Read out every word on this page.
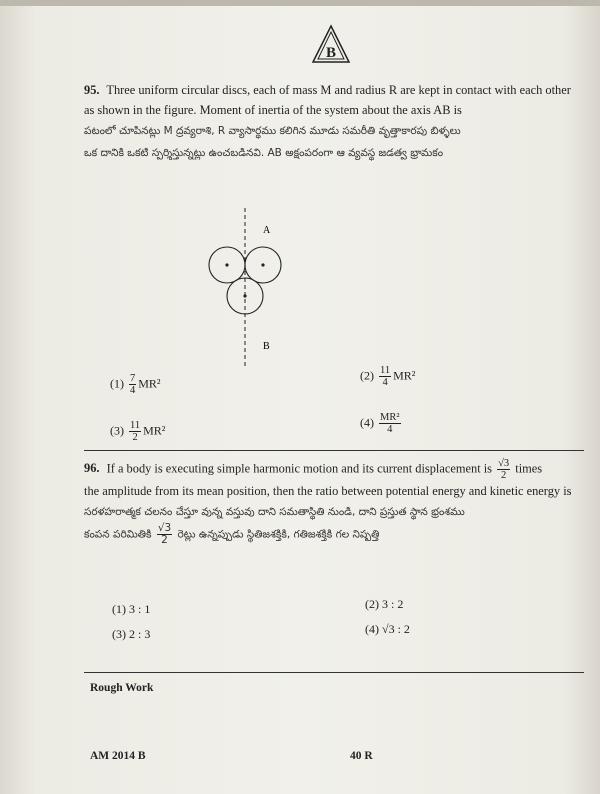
B
95. Three uniform circular discs, each of mass M and radius R are kept in contact with each other as shown in the figure. Moment of inertia of the system about the axis AB is
పటంలో చూపినట్లు M ద్రవ్యరాశి, R వ్యాసార్థము కలిగిన మూడు సమరీతి వృత్తాకారపు బిళ్ళలు
ఒక దానికి ఒకటి స్పర్శిస్తున్నట్లు ఉంచబడినవి. AB అక్షంపరంగా ఆ వ్యవస్థ జడత్వ భ్రామకం
A
B
$(1) \frac{7}{4} MR^2$
$(2) \frac{11}{4} MR^2$
$(3) \frac{11}{2} MR^2$
$(4) \frac{\text{MR²}}{4}$
96. If a body is executing simple harmonic motion and its current displacement is $\frac{√3}{2}$ times
the amplitude from its mean position, then the ratio between potential energy and kinetic energy is
సరళహరాత్మక చలనం చేస్తూ వున్న వస్తువు దాని సమతాస్థితి నుండి, దాని ప్రస్తుత స్థాన భ్రంశము
కంపన పరిమితికి $\frac{√3}{2}$ రెట్లు ఉన్నప్పుడు స్థితిజశక్తికి, గతిజశక్తికి గల నిష్పత్తి
(1) 3 : 1	(2) 3 : 2
(3) 2 : 3	(4) √3 : 2
Rough Work
AM 2014 B	40 R
